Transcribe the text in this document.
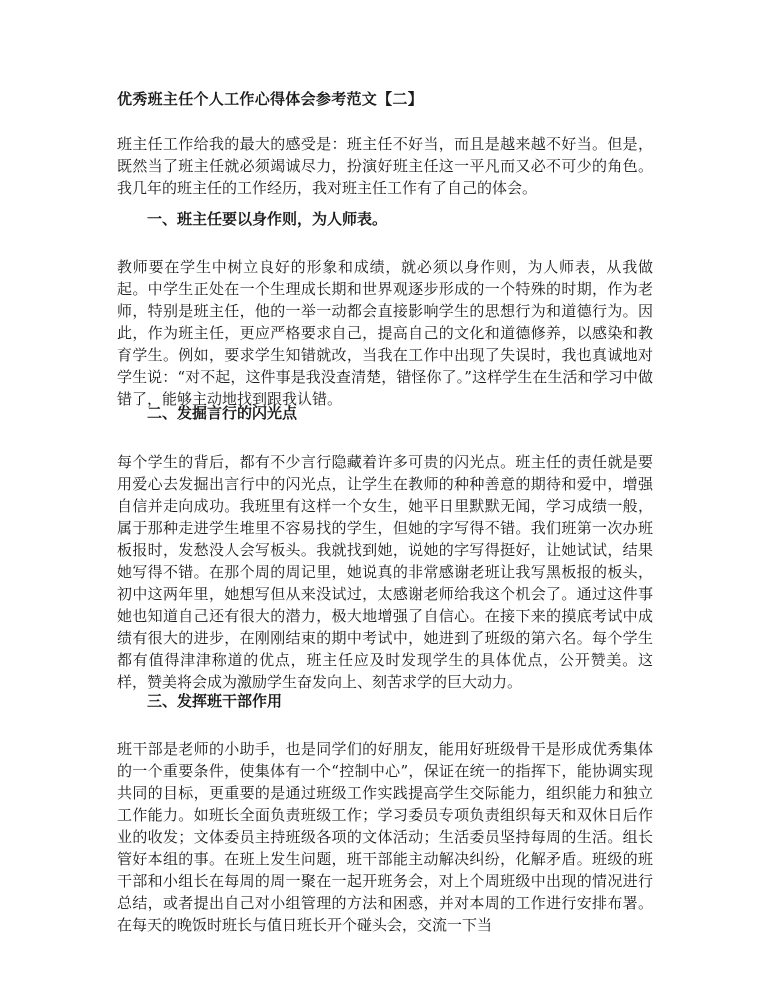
优秀班主任个人工作心得体会参考范文【二】

班主任工作给我的最大的感受是：班主任不好当，而且是越来越不好当。但是，既然当了班主任就必须竭诚尽力，扮演好班主任这一平凡而又必不可少的角色。我几年的班主任的工作经历，我对班主任工作有了自己的体会。

一、班主任要以身作则，为人师表。

教师要在学生中树立良好的形象和成绩，就必须以身作则，为人师表，从我做起。中学生正处在一个生理成长期和世界观逐步形成的一个特殊的时期，作为老师，特别是班主任，他的一举一动都会直接影响学生的思想行为和道德行为。因此，作为班主任，更应严格要求自己，提高自己的文化和道德修养，以感染和教育学生。例如，要求学生知错就改，当我在工作中出现了失误时，我也真诚地对学生说：“对不起，这件事是我没查清楚，错怪你了。”这样学生在生活和学习中做错了，能够主动地找到跟我认错。

二、发掘言行的闪光点

每个学生的背后，都有不少言行隐藏着许多可贵的闪光点。班主任的责任就是要用爱心去发掘出言行中的闪光点，让学生在教师的种种善意的期待和爱中，增强自信并走向成功。我班里有这样一个女生，她平日里默默无闻，学习成绩一般，属于那种走进学生堆里不容易找的学生，但她的字写得不错。我们班第一次办班板报时，发愁没人会写板头。我就找到她，说她的字写得挺好，让她试试，结果她写得不错。在那个周的周记里，她说真的非常感谢老班让我写黑板报的板头，初中这两年里，她想写但从来没试过，太感谢老师给我这个机会了。通过这件事她也知道自己还有很大的潜力，极大地增强了自信心。在接下来的摸底考试中成绩有很大的进步，在刚刚结束的期中考试中，她进到了班级的第六名。每个学生都有值得津津称道的优点，班主任应及时发现学生的具体优点，公开赞美。这样，赞美将会成为激励学生奋发向上、刻苦求学的巨大动力。

三、发挥班干部作用

班干部是老师的小助手，也是同学们的好朋友，能用好班级骨干是形成优秀集体的一个重要条件，使集体有一个“控制中心”，保证在统一的指挥下，能协调实现共同的目标，更重要的是通过班级工作实践提高学生交际能力，组织能力和独立工作能力。如班长全面负责班级工作；学习委员专项负责组织每天和双休日后作业的收发；文体委员主持班级各项的文体活动；生活委员坚持每周的生活。组长管好本组的事。在班上发生问题，班干部能主动解决纠纷，化解矛盾。班级的班干部和小组长在每周的周一聚在一起开班务会，对上个周班级中出现的情况进行总结，或者提出自己对小组管理的方法和困惑，并对本周的工作进行安排布署。在每天的晚饭时班长与值日班长开个碰头会，交流一下当
